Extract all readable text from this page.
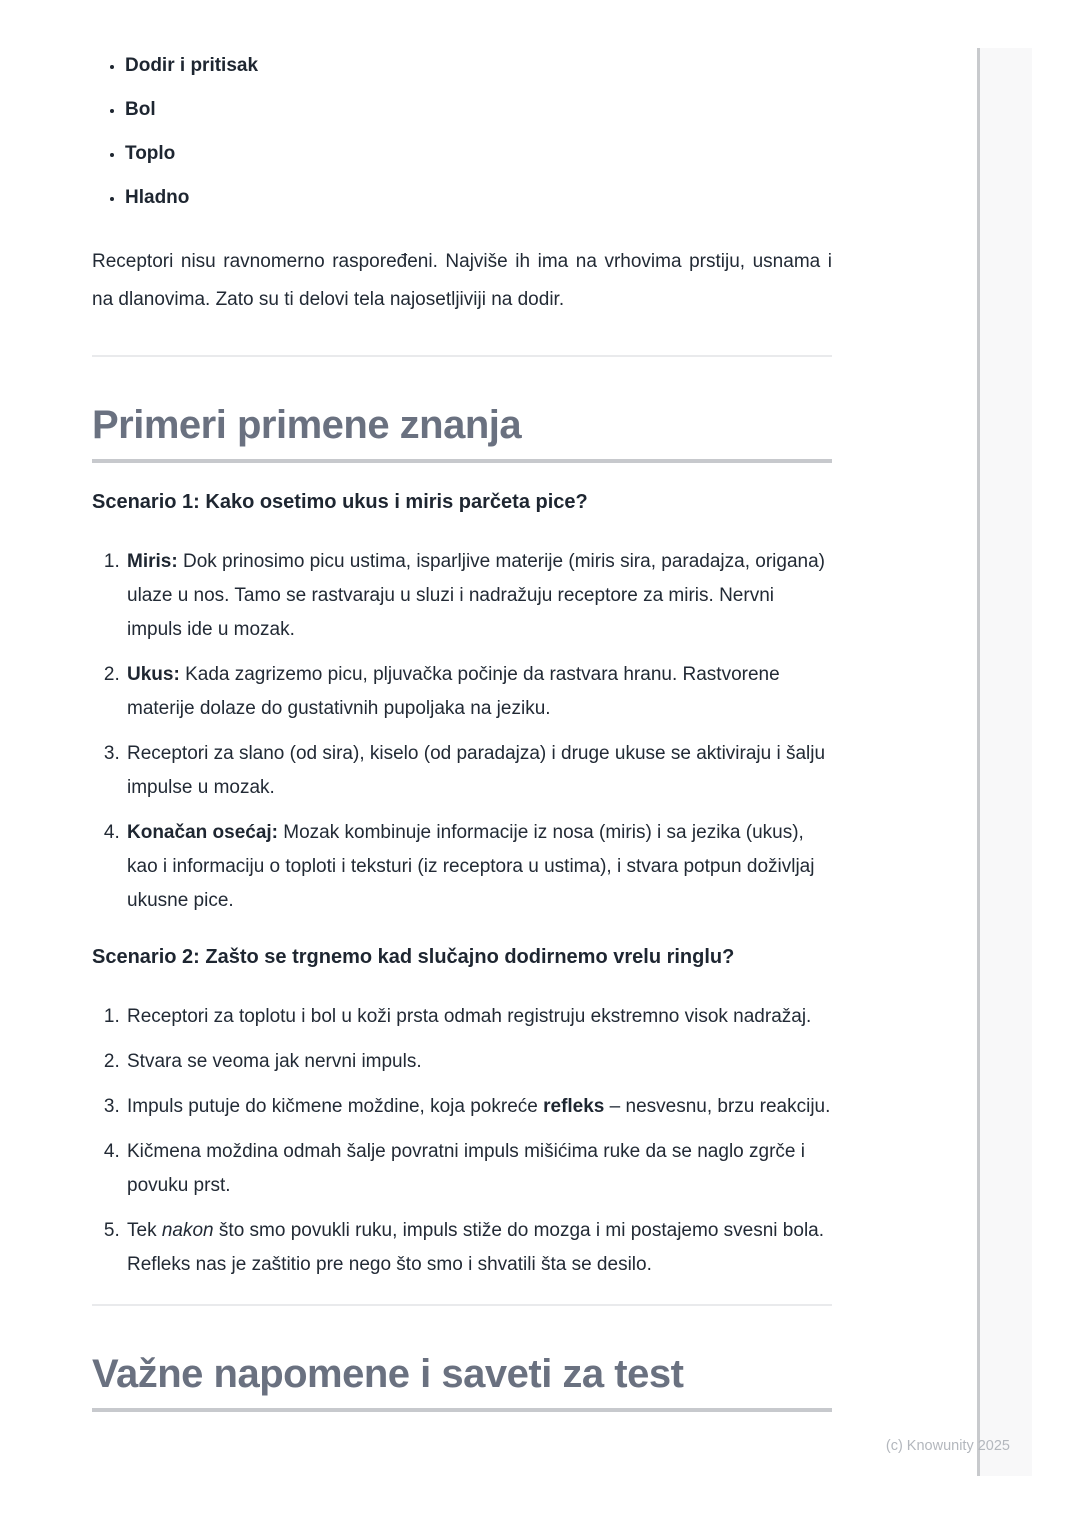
• Dodir i pritisak
• Bol
• Toplo
• Hladno

Receptori nisu ravnomerno raspoređeni. Najviše ih ima na vrhovima prstiju, usnama i na dlanovima. Zato su ti delovi tela najosetljiviji na dodir.

Primeri primene znanja
Scenario 1: Kako osetimo ukus i miris parčeta pice?
1. Miris: Dok prinosimo picu ustima, isparljive materije (miris sira, paradajza, origana) ulaze u nos. Tamo se rastvaraju u sluzi i nadražuju receptore za miris. Nervni impuls ide u mozak.
2. Ukus: Kada zagrizemo picu, pljuvačka počinje da rastvara hranu. Rastvorene materije dolaze do gustativnih pupoljaka na jeziku.
3. Receptori za slano (od sira), kiselo (od paradajza) i druge ukuse se aktiviraju i šalju impulse u mozak.
4. Konačan osećaj: Mozak kombinuje informacije iz nosa (miris) i sa jezika (ukus), kao i informaciju o toploti i teksturi (iz receptora u ustima), i stvara potpun doživljaj ukusne pice.
Scenario 2: Zašto se trgnemo kad slučajno dodirnemo vrelu ringlu?
1. Receptori za toplotu i bol u koži prsta odmah registruju ekstremno visok nadražaj.
2. Stvara se veoma jak nervni impuls.
3. Impuls putuje do kičmene moždine, koja pokreće refleks – nesvesnu, brzu reakciju.
4. Kičmena moždina odmah šalje povratni impuls mišićima ruke da se naglo zgrče i povuku prst.
5. Tek nakon što smo povukli ruku, impuls stiže do mozga i mi postajemo svesni bola. Refleks nas je zaštitio pre nego što smo i shvatili šta se desilo.
Važne napomene i saveti za test
(c) Knowunity 2025
